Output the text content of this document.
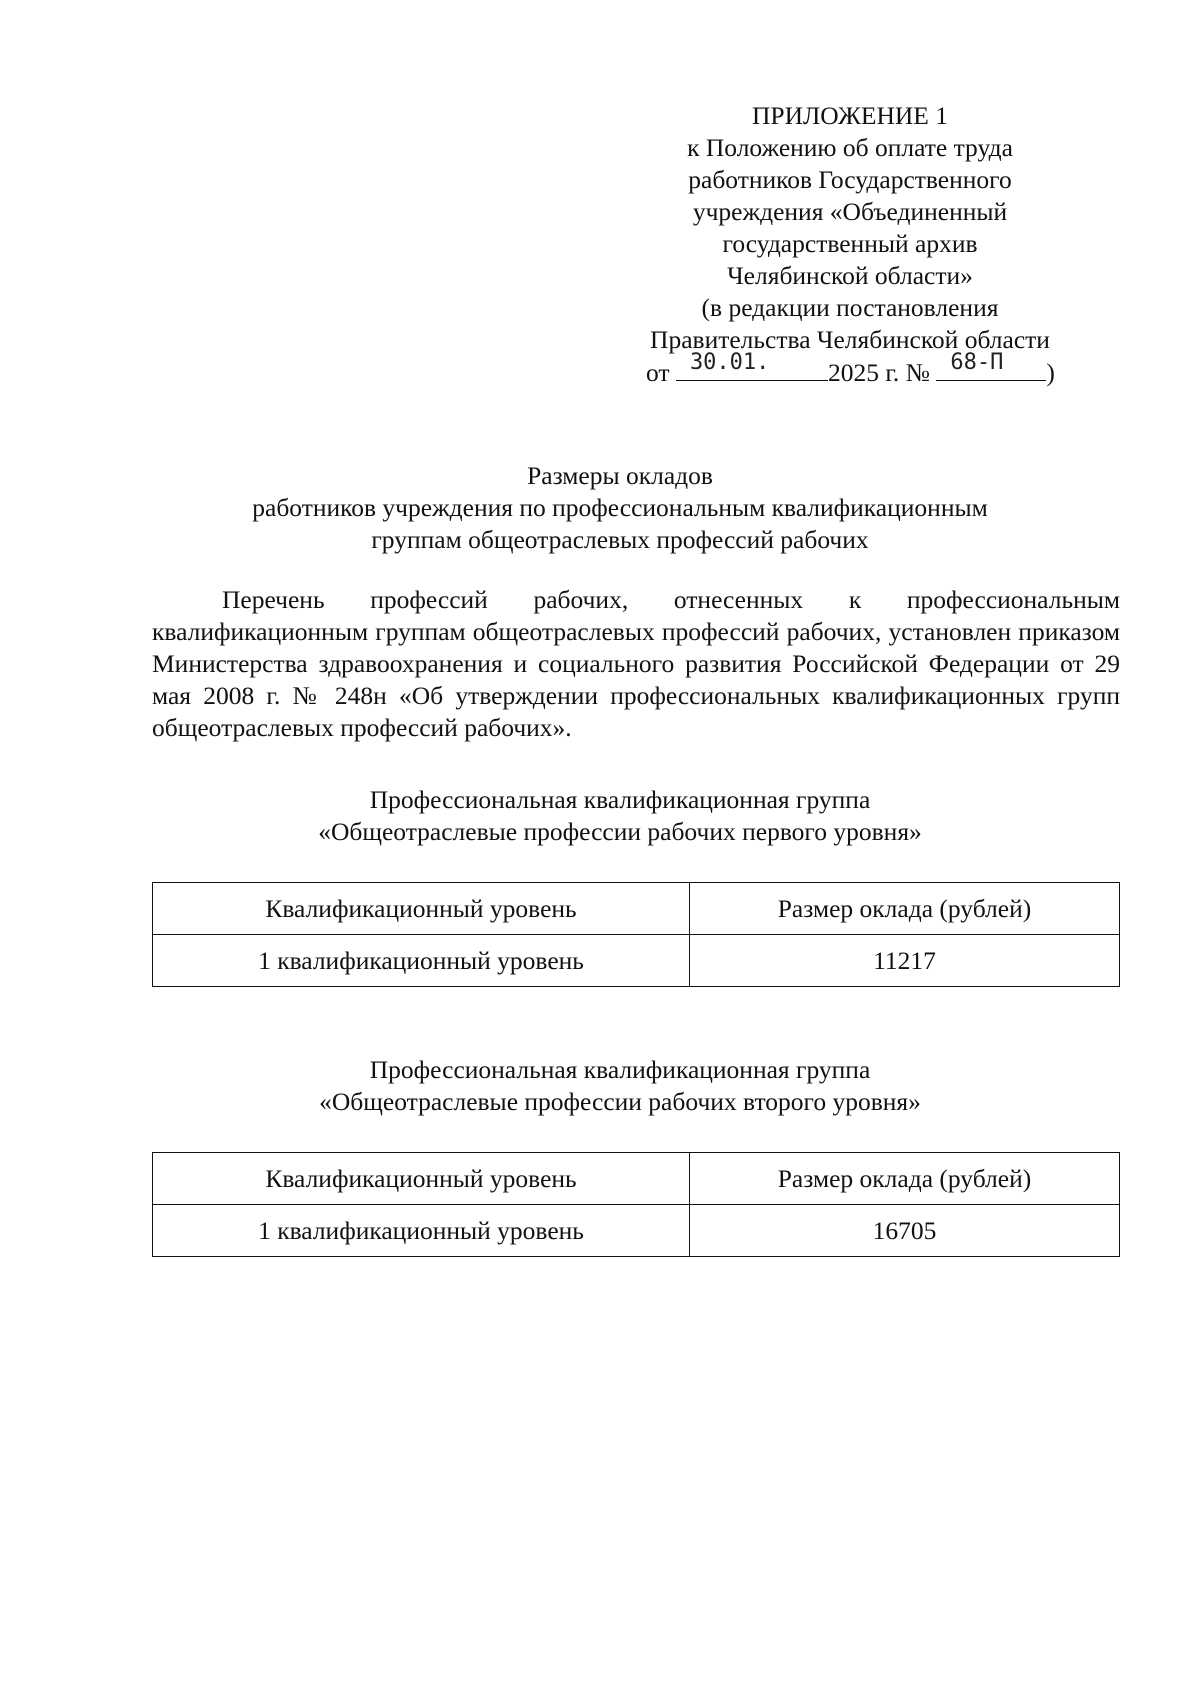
ПРИЛОЖЕНИЕ 1
к Положению об оплате труда
работников Государственного
учреждения «Объединенный
государственный архив
Челябинской области»
(в редакции постановления
Правительства Челябинской области
от 30.01. 2025 г. № 68-П )
Размеры окладов
работников учреждения по профессиональным квалификационным
группам общеотраслевых профессий рабочих
Перечень профессий рабочих, отнесенных к профессиональным квалификационным группам общеотраслевых профессий рабочих, установлен приказом Министерства здравоохранения и социального развития Российской Федерации от 29 мая 2008 г. № 248н «Об утверждении профессиональных квалификационных групп общеотраслевых профессий рабочих».
Профессиональная квалификационная группа
«Общеотраслевые профессии рабочих первого уровня»
Квалификационный уровень	Размер оклада (рублей)
1 квалификационный уровень	11217
Профессиональная квалификационная группа
«Общеотраслевые профессии рабочих второго уровня»
Квалификационный уровень	Размер оклада (рублей)
1 квалификационный уровень	16705
